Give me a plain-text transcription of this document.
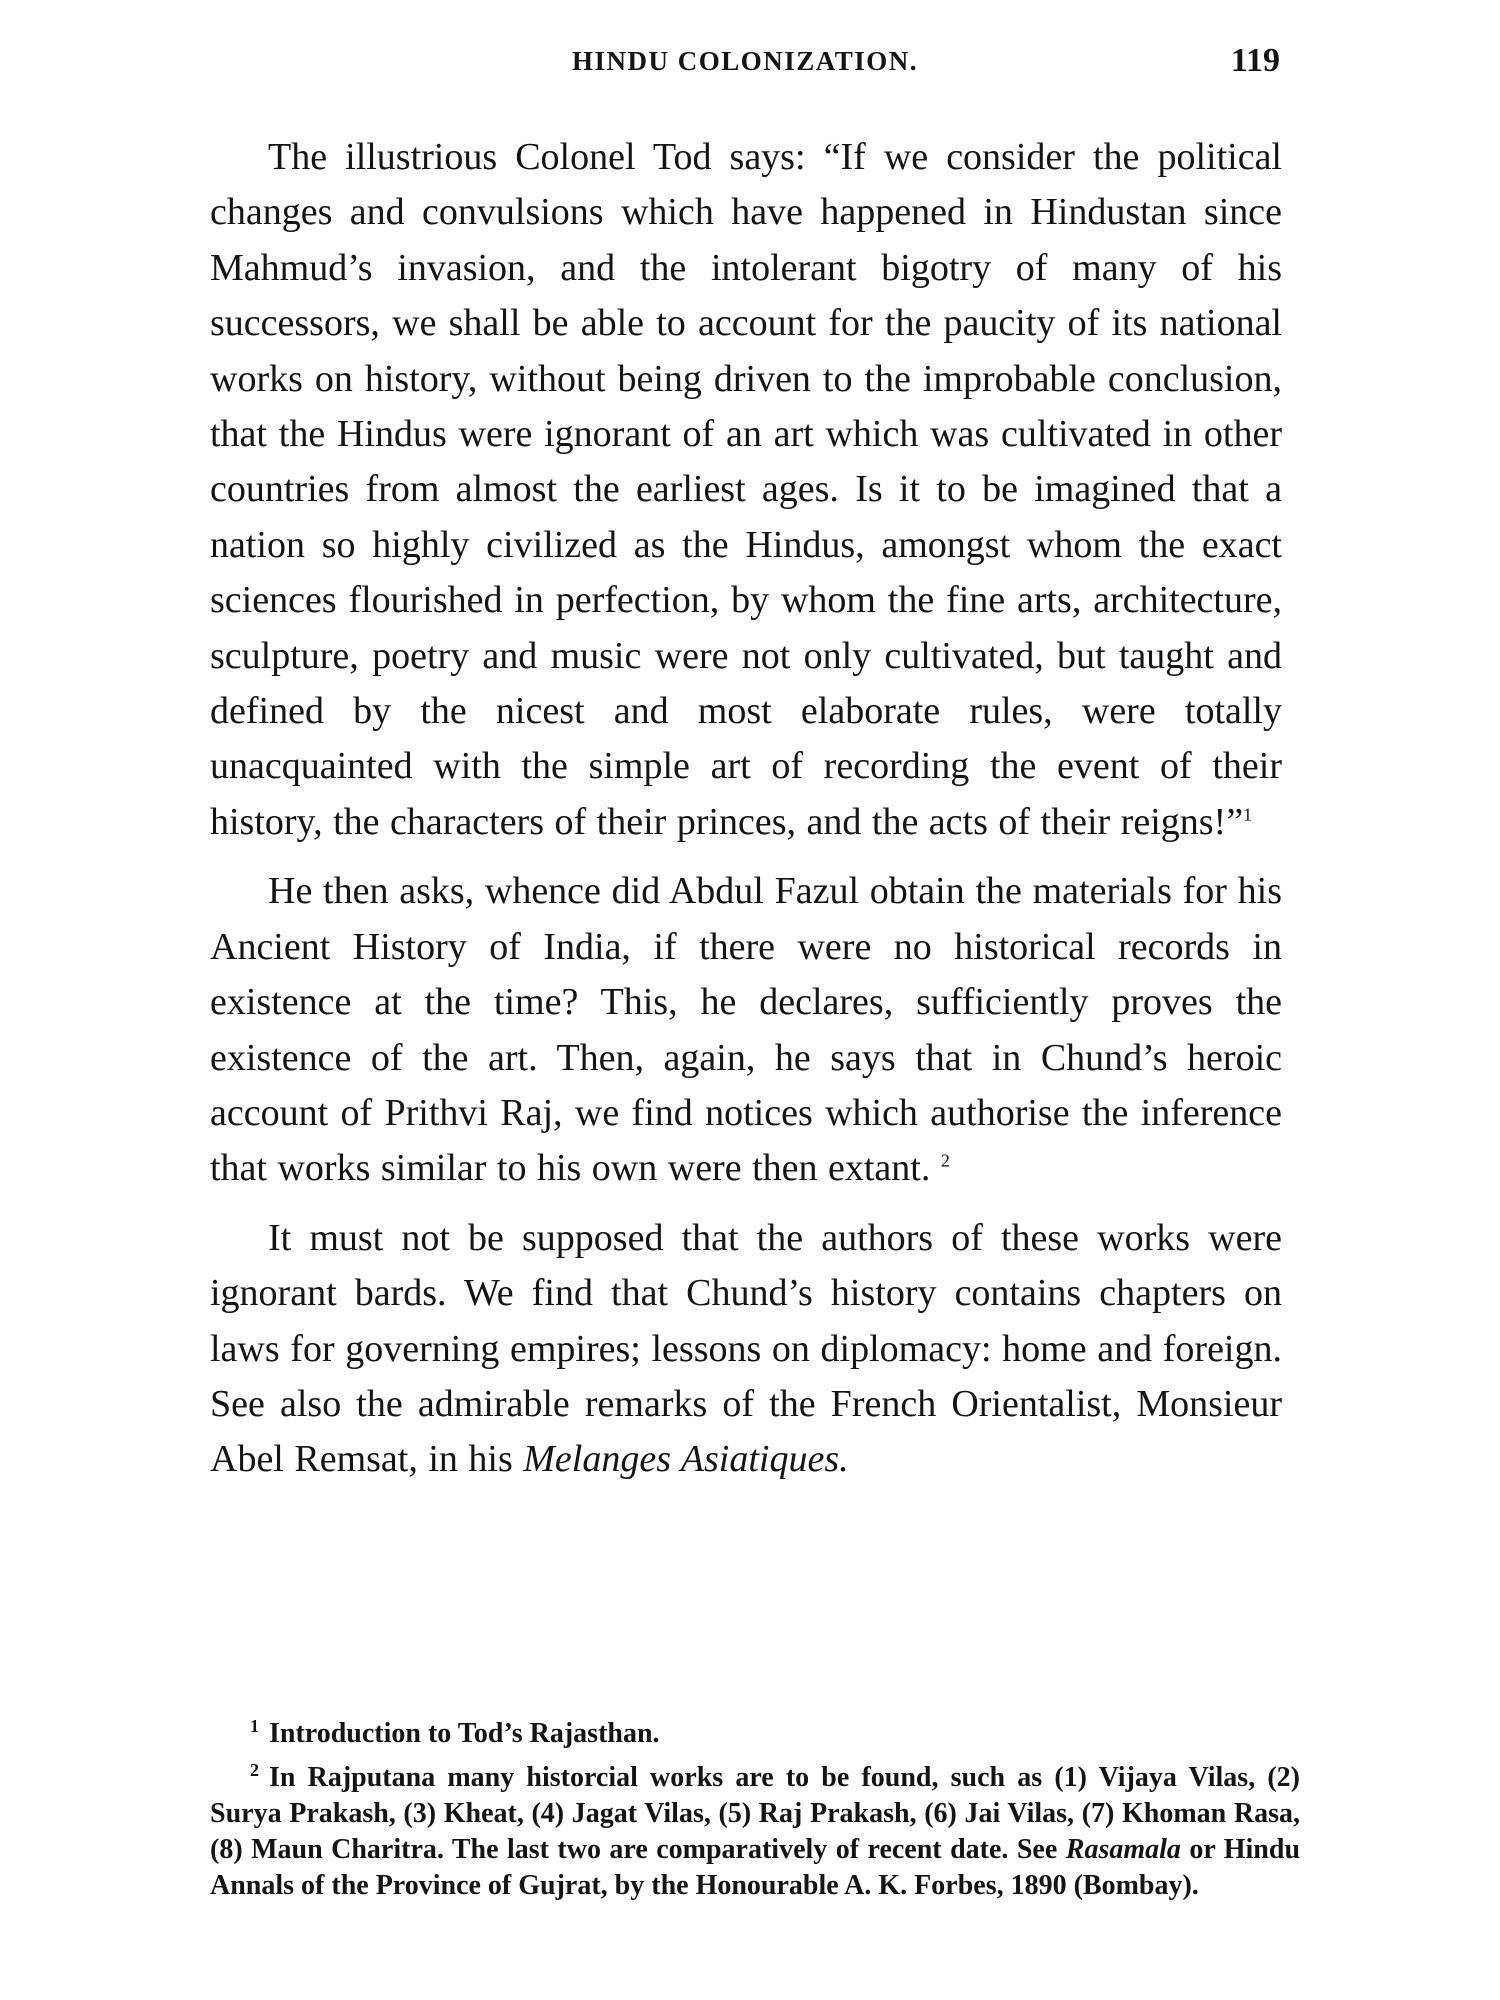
HINDU COLONIZATION.	119

The illustrious Colonel Tod says: “If we consider the political changes and convulsions which have happened in Hindustan since Mahmud’s invasion, and the intolerant bigotry of many of his successors, we shall be able to account for the paucity of its national works on history, without being driven to the improbable conclusion, that the Hindus were ignorant of an art which was cultivated in other countries from almost the earliest ages. Is it to be imagined that a nation so highly civilized as the Hindus, amongst whom the exact sciences flourished in perfection, by whom the fine arts, architecture, sculpture, poetry and music were not only cultivated, but taught and defined by the nicest and most elaborate rules, were totally unacquainted with the simple art of recording the event of their history, the characters of their princes, and the acts of their reigns!”$^1$

He then asks, whence did Abdul Fazul obtain the materials for his Ancient History of India, if there were no historical records in existence at the time? This, he declares, sufficiently proves the existence of the art. Then, again, he says that in Chund’s heroic account of Prithvi Raj, we find notices which authorise the inference that works similar to his own were then extant. $^2$

It must not be supposed that the authors of these works were ignorant bards. We find that Chund’s history contains chapters on laws for governing empires; lessons on diplomacy: home and foreign. See also the admirable remarks of the French Orientalist, Monsieur Abel Remsat, in his Melanges Asiatiques.

$^1$ Introduction to Tod’s Rajasthan.

$^2$ In Rajputana many historcial works are to be found, such as (1) Vijaya Vilas, (2) Surya Prakash, (3) Kheat, (4) Jagat Vilas, (5) Raj Prakash, (6) Jai Vilas, (7) Khoman Rasa, (8) Maun Charitra. The last two are comparatively of recent date. See Rasamala or Hindu Annals of the Province of Gujrat, by the Honourable A. K. Forbes, 1890 (Bombay).
